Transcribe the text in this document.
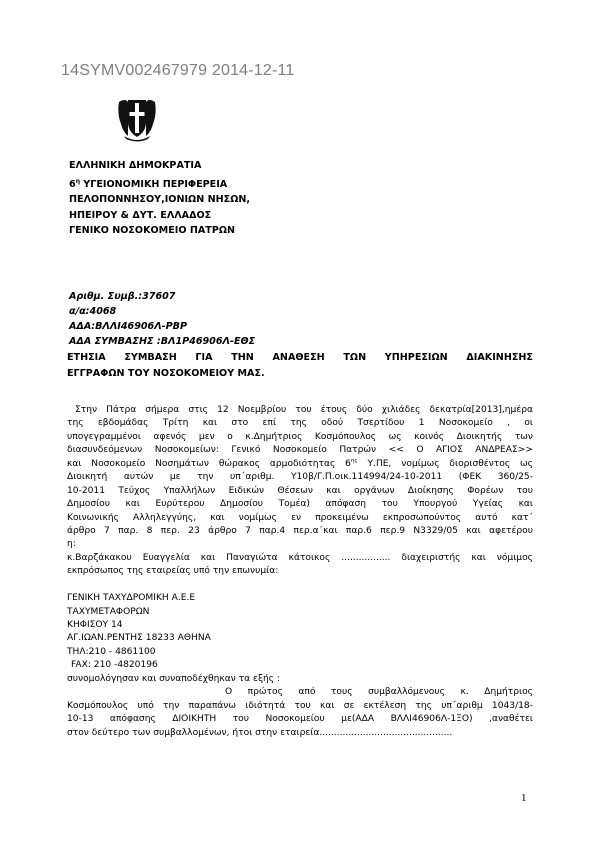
14SYMV002467979 2014-12-11
ΕΛΛΗΝΙΚΗ ΔΗΜΟΚΡΑΤΙΑ
$6^\eta$ ΥΓΕΙΟΝΟΜΙΚΗ ΠΕΡΙΦΕΡΕΙΑ
ΠΕΛΟΠΟΝΝΗΣΟΥ,ΙΟΝΙΩΝ ΝΗΣΩΝ,
ΗΠΕΙΡΟΥ & ΔΥΤ. ΕΛΛΑΔΟΣ
ΓΕΝΙΚΟ ΝΟΣΟΚΟΜΕΙΟ ΠΑΤΡΩΝ
Αριθμ. Συμβ.:37607
α/α:4068
ΑΔΑ:ΒΛΛΙ46906Λ-ΡΒΡ
ΑΔΑ ΣΥΜΒΑΣΗΣ :ΒΛ1Ρ46906Λ-ΕΘΣ
ΕΤΗΣΙΑ ΣΥΜΒΑΣΗ ΓΙΑ ΤΗΝ ΑΝΑΘΕΣΗ ΤΩΝ ΥΠΗΡΕΣΙΩΝ ΔΙΑΚΙΝΗΣΗΣ
ΕΓΓΡΑΦΩΝ ΤΟΥ ΝΟΣΟΚΟΜΕΙΟΥ ΜΑΣ.
Στην Πάτρα σήμερα στις 12 Νοεμβρίου του έτους δύο χιλιάδες δεκατρία[2013],ημέρα
της εβδομάδας Τρίτη και στο επί της οδού Τσερτίδου 1 Νοσοκομείο , οι
υπογεγραμμένοι αφενός μεν ο κ.Δημήτριος Κοσμόπουλος ως κοινός Διοικητής των
διασυνδεόμενων Νοσοκομείων: Γενικό Νοσοκομείο Πατρών << Ο ΑΓΙΟΣ ΑΝΔΡΕΑΣ>>
και Νοσοκομείο Νοσημάτων θώρακος αρμοδιότητας $6^{\eta\varsigma}$ Υ.ΠΕ, νομίμως διορισθέντος ως
Διοικητή αυτών με την υπ΄αριθμ. Υ10β/Γ.Π.οικ.114994/24-10-2011 (ΦΕΚ 360/25-
10-2011 Τεύχος Υπαλλήλων Ειδικών Θέσεων και οργάνων Διοίκησης Φορέων του
Δημοσίου και Ευρύτερου Δημοσίου Τομέα) απόφαση του Υπουργού Υγείας και
Κοινωνικής Αλληλεγγύης, και νομίμως εν προκειμένω εκπροσωπούντος αυτό κατ΄
άρθρο 7 παρ. 8 περ. 23 άρθρο 7 παρ.4 περ.α΄και παρ.6 περ.9 Ν3329/05 και αφετέρου
η:
κ.Βαρζάκακου Ευαγγελία και Παναγιώτα κάτοικος ................. διαχειριστής και νόμιμος
εκπρόσωπος της εταιρείας υπό την επωνυμία:
ΓΕΝΙΚΗ ΤΑΧΥΔΡΟΜΙΚΗ Α.Ε.Ε
ΤΑΧΥΜΕΤΑΦΟΡΩΝ
ΚΗΦΙΣΟΥ 14
ΑΓ.ΙΩΑΝ.ΡΕΝΤΗΣ 18233 ΑΘΗΝΑ
ΤΗΛ:210 - 4861100
FAX: 210 -4820196
συνομολόγησαν και συναποδέχθηκαν τα εξής :
Ο πρώτος από τους συμβαλλόμενους κ. Δημήτριος
Κοσμόπουλος υπό την παραπάνω ιδιότητά του και σε εκτέλεση της υπ΄αριθμ 1043/18-
10-13 απόφασης ΔΙΟΙΚΗΤΗ του Νοσοκομείου με(ΑΔΑ ΒΛΛΙ46906Λ-1ΞΟ) ,αναθέτει
στον δεύτερο των συμβαλλομένων, ήτοι στην εταιρεία..............................................
1
